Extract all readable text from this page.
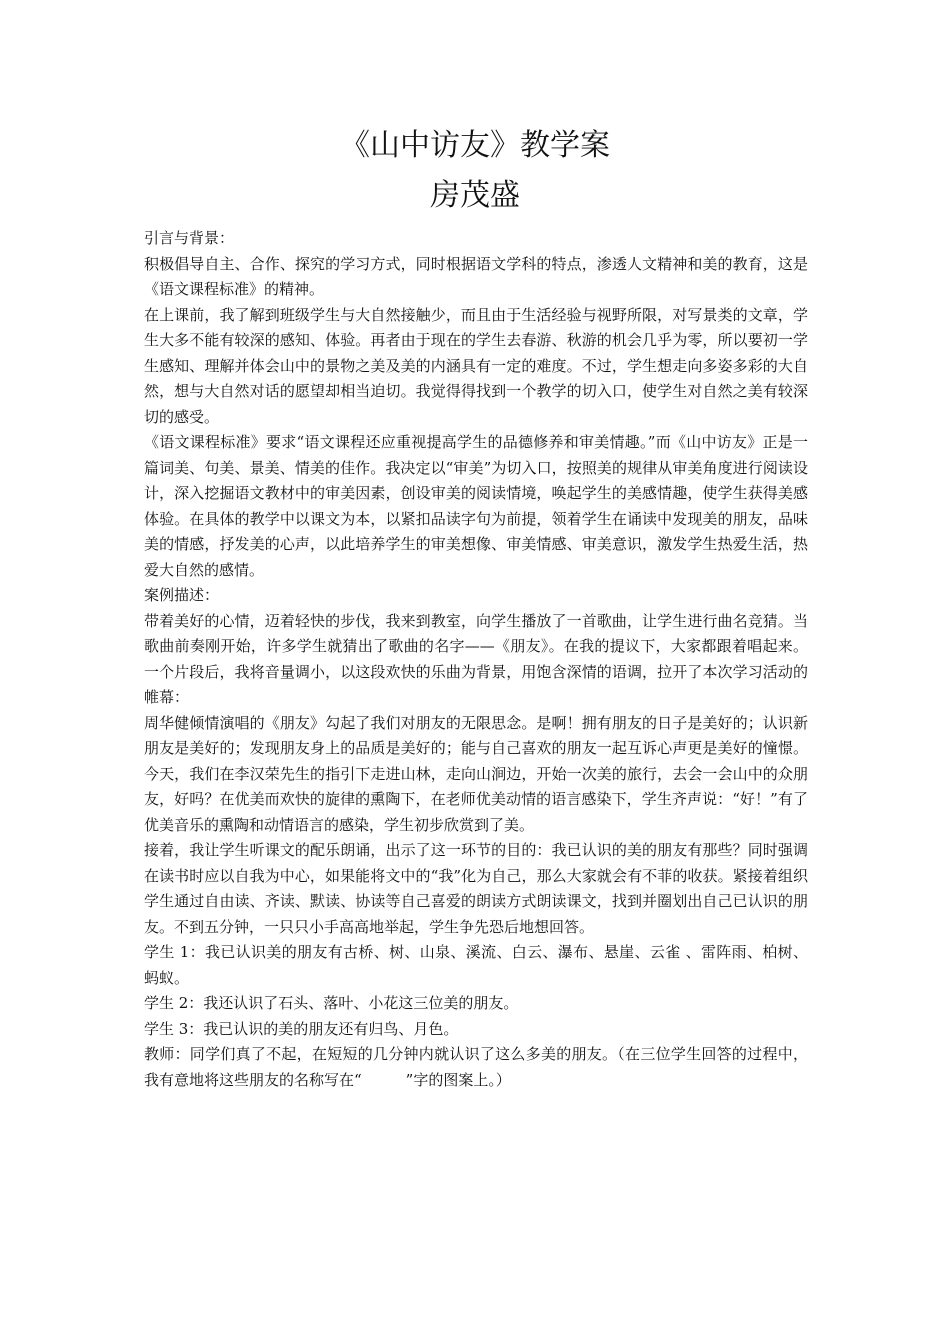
《山中访友》教学案
房茂盛

引言与背景：

积极倡导自主、合作、探究的学习方式，同时根据语文学科的特点，渗透人文精神和美的教育，这是《语文课程标准》的精神。

在上课前，我了解到班级学生与大自然接触少，而且由于生活经验与视野所限，对写景类的文章，学生大多不能有较深的感知、体验。再者由于现在的学生去春游、秋游的机会几乎为零，所以要初一学生感知、理解并体会山中的景物之美及美的内涵具有一定的难度。不过，学生想走向多姿多彩的大自然，想与大自然对话的愿望却相当迫切。我觉得得找到一个教学的切入口，使学生对自然之美有较深切的感受。

《语文课程标准》要求“语文课程还应重视提高学生的品德修养和审美情趣。”而《山中访友》正是一篇词美、句美、景美、情美的佳作。我决定以“审美”为切入口，按照美的规律从审美角度进行阅读设计，深入挖掘语文教材中的审美因素，创设审美的阅读情境，唤起学生的美感情趣，使学生获得美感体验。在具体的教学中以课文为本，以紧扣品读字句为前提，领着学生在诵读中发现美的朋友，品味美的情感，抒发美的心声，以此培养学生的审美想像、审美情感、审美意识，激发学生热爱生活，热爱大自然的感情。

案例描述：

带着美好的心情，迈着轻快的步伐，我来到教室，向学生播放了一首歌曲，让学生进行曲名竞猜。当歌曲前奏刚开始，许多学生就猜出了歌曲的名字——《朋友》。在我的提议下，大家都跟着唱起来。一个片段后，我将音量调小，以这段欢快的乐曲为背景，用饱含深情的语调，拉开了本次学习活动的帷幕：

周华健倾情演唱的《朋友》勾起了我们对朋友的无限思念。是啊！拥有朋友的日子是美好的；认识新朋友是美好的；发现朋友身上的品质是美好的；能与自己喜欢的朋友一起互诉心声更是美好的憧憬。今天，我们在李汉荣先生的指引下走进山林，走向山涧边，开始一次美的旅行，去会一会山中的众朋友，好吗？在优美而欢快的旋律的熏陶下，在老师优美动情的语言感染下，学生齐声说：“好！”有了优美音乐的熏陶和动情语言的感染，学生初步欣赏到了美。

接着，我让学生听课文的配乐朗诵，出示了这一环节的目的：我已认识的美的朋友有那些？同时强调在读书时应以自我为中心，如果能将文中的“我”化为自己，那么大家就会有不菲的收获。紧接着组织学生通过自由读、齐读、默读、协读等自己喜爱的朗读方式朗读课文，找到并圈划出自己已认识的朋友。不到五分钟，一只只小手高高地举起，学生争先恐后地想回答。

学生 1：我已认识美的朋友有古桥、树、山泉、溪流、白云、瀑布、悬崖、云雀 、雷阵雨、柏树、蚂蚁。

学生 2：我还认识了石头、落叶、小花这三位美的朋友。

学生 3：我已认识的美的朋友还有归鸟、月色。

教师：同学们真了不起，在短短的几分钟内就认识了这么多美的朋友。（在三位学生回答的过程中，我有意地将这些朋友的名称写在“	”字的图案上。）
